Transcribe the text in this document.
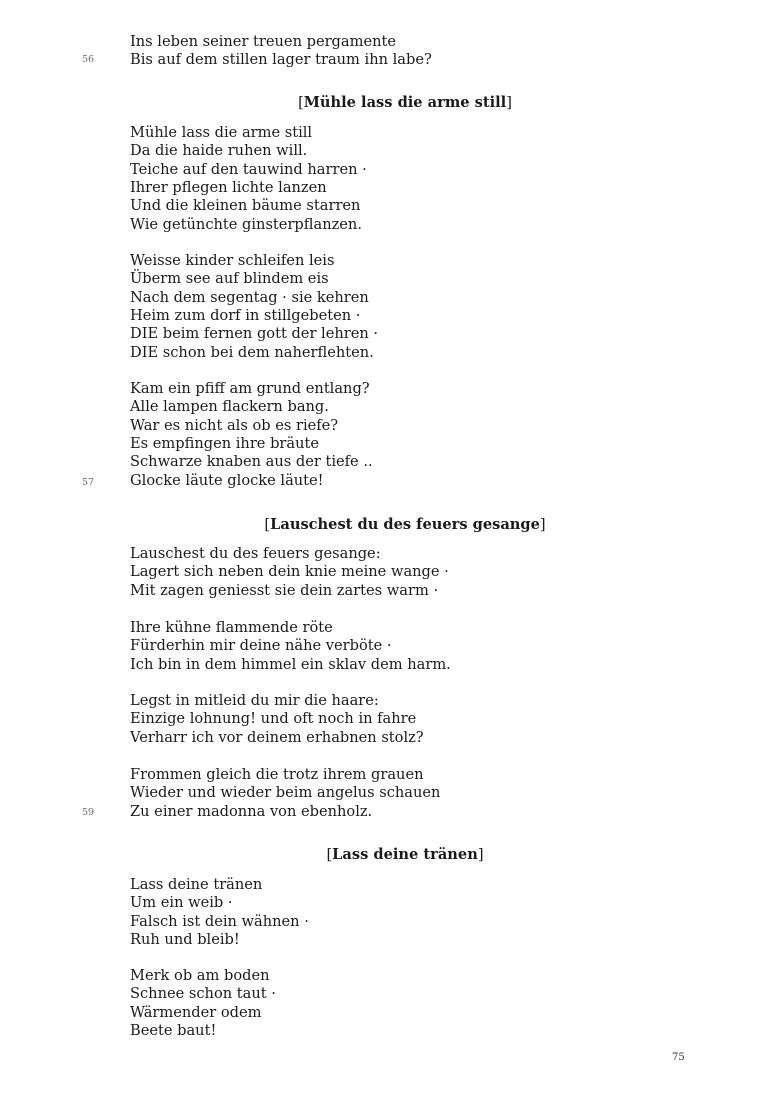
Ins leben seiner treuen pergamente
Bis auf dem stillen lager traum ihn labe?
56
[Mühle lass die arme still]
Mühle lass die arme still
Da die haide ruhen will.
Teiche auf den tauwind harren ·
Ihrer pflegen lichte lanzen
Und die kleinen bäume starren
Wie getünchte ginsterpflanzen.
Weisse kinder schleifen leis
Überm see auf blindem eis
Nach dem segentag · sie kehren
Heim zum dorf in stillgebeten ·
DIE beim fernen gott der lehren ·
DIE schon bei dem naherflehten.
Kam ein pfiff am grund entlang?
Alle lampen flackern bang.
War es nicht als ob es riefe?
Es empfingen ihre bräute
Schwarze knaben aus der tiefe ..
Glocke läute glocke läute!
57
[Lauschest du des feuers gesange]
Lauschest du des feuers gesange:
Lagert sich neben dein knie meine wange ·
Mit zagen geniesst sie dein zartes warm ·
Ihre kühne flammende röte
Fürderhin mir deine nähe verböte ·
Ich bin in dem himmel ein sklav dem harm.
Legst in mitleid du mir die haare:
Einzige lohnung! und oft noch in fahre
Verharr ich vor deinem erhabnen stolz?
Frommen gleich die trotz ihrem grauen
Wieder und wieder beim angelus schauen
Zu einer madonna von ebenholz.
59
[Lass deine tränen]
Lass deine tränen
Um ein weib ·
Falsch ist dein wähnen ·
Ruh und bleib!
Merk ob am boden
Schnee schon taut ·
Wärmender odem
Beete baut!
75
